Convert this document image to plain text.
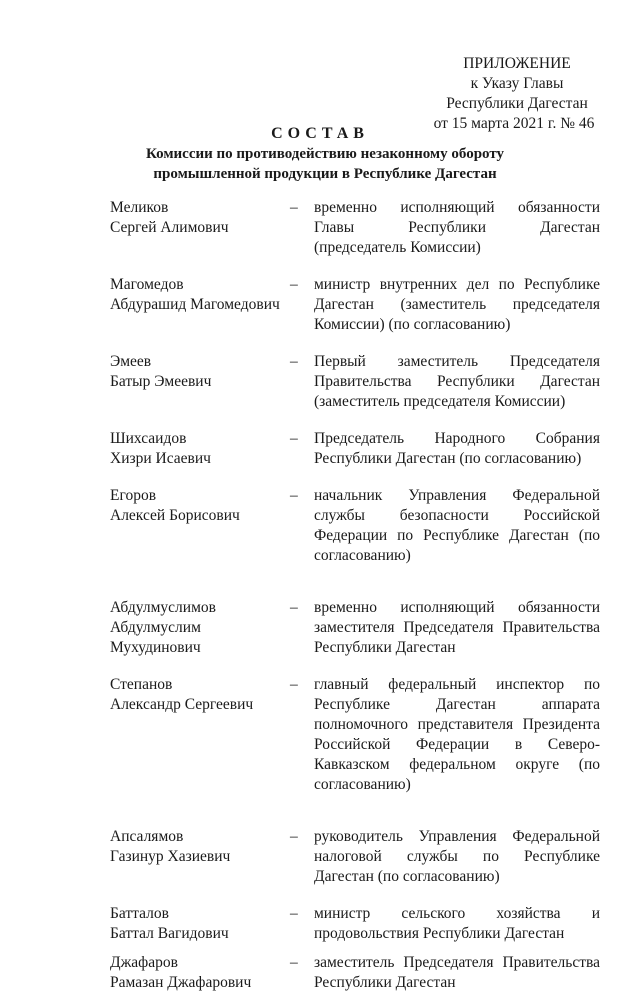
ПРИЛОЖЕНИЕ
к Указу Главы
Республики Дагестан
от 15 марта 2021 г. № 46
СОСТАВ
Комиссии по противодействию незаконному обороту
промышленной продукции в Республике Дагестан
Меликов
Сергей Алимович
–	временно исполняющий обязанности
Главы Республики Дагестан
(председатель Комиссии)
Магомедов
Абдурашид Магомедович
–	министр внутренних дел по Республике
Дагестан (заместитель председателя
Комиссии) (по согласованию)
Эмеев
Батыр Эмеевич
–	Первый заместитель Председателя
Правительства Республики Дагестан
(заместитель председателя Комиссии)
Шихсаидов
Хизри Исаевич
–	Председатель Народного Собрания
Республики Дагестан (по согласованию)
Егоров
Алексей Борисович
–	начальник Управления Федеральной
службы безопасности Российской
Федерации по Республике Дагестан (по
согласованию)
Абдулмуслимов
Абдулмуслим
Мухудинович
–	временно исполняющий обязанности
заместителя Председателя Правительства
Республики Дагестан
Степанов
Александр Сергеевич
–	главный федеральный инспектор по
Республике Дагестан аппарата
полномочного представителя Президента
Российской Федерации в Северо-
Кавказском федеральном округе (по
согласованию)
Апсалямов
Газинур Хазиевич
–	руководитель Управления Федеральной
налоговой службы по Республике
Дагестан (по согласованию)
Батталов
Баттал Вагидович
–	министр сельского хозяйства и
продовольствия Республики Дагестан
Джафаров
Рамазан Джафарович
–	заместитель Председателя Правительства
Республики Дагестан
